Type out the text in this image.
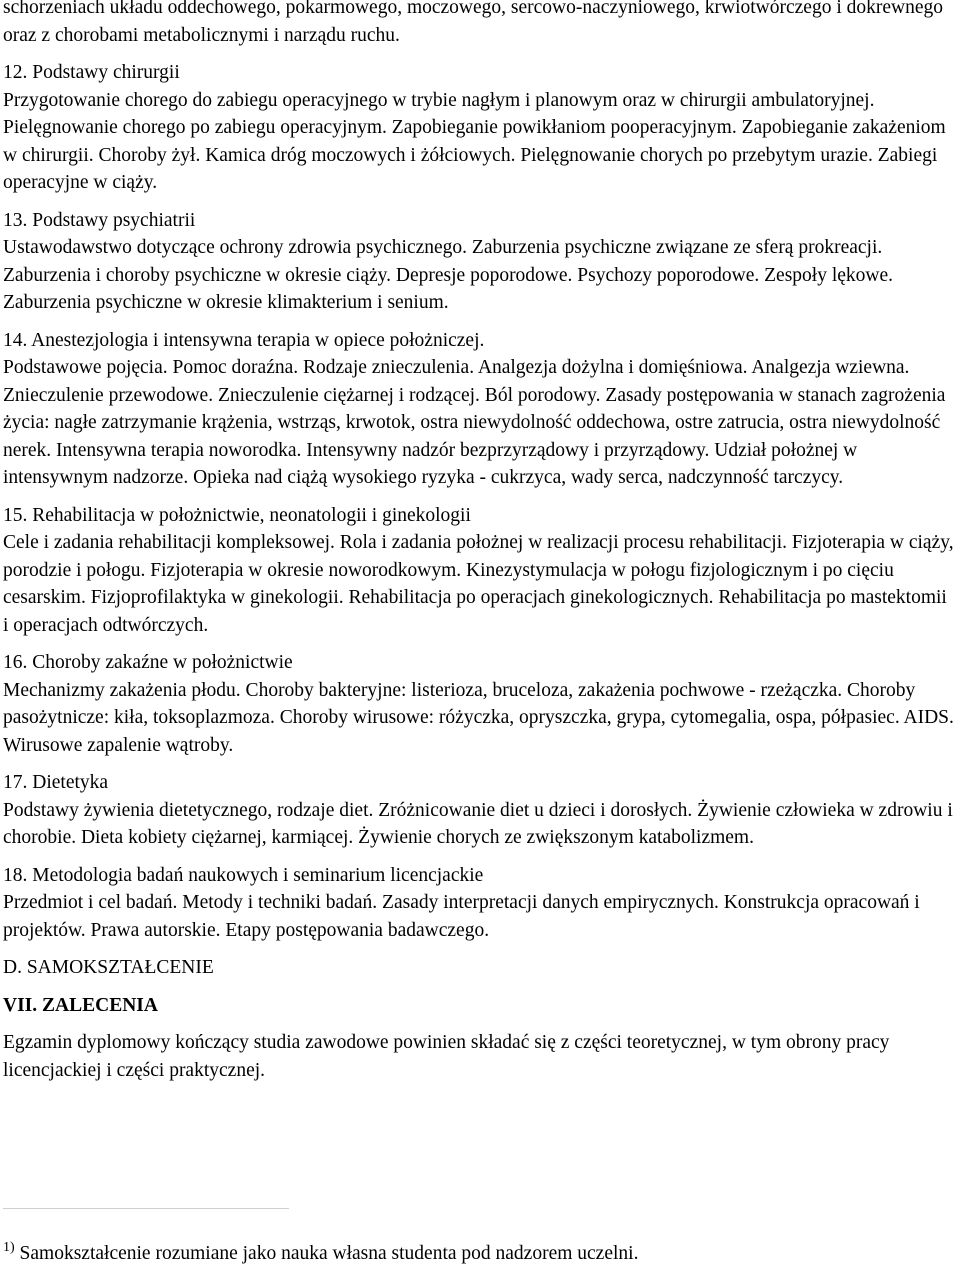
schorzeniach układu oddechowego, pokarmowego, moczowego, sercowo-naczyniowego, krwiotwórczego i dokrewnego oraz z chorobami metabolicznymi i narządu ruchu.

12. Podstawy chirurgii
Przygotowanie chorego do zabiegu operacyjnego w trybie nagłym i planowym oraz w chirurgii ambulatoryjnej. Pielęgnowanie chorego po zabiegu operacyjnym. Zapobieganie powikłaniom pooperacyjnym. Zapobieganie zakażeniom w chirurgii. Choroby żył. Kamica dróg moczowych i żółciowych. Pielęgnowanie chorych po przebytym urazie. Zabiegi operacyjne w ciąży.

13. Podstawy psychiatrii
Ustawodawstwo dotyczące ochrony zdrowia psychicznego. Zaburzenia psychiczne związane ze sferą prokreacji. Zaburzenia i choroby psychiczne w okresie ciąży. Depresje poporodowe. Psychozy poporodowe. Zespoły lękowe. Zaburzenia psychiczne w okresie klimakterium i senium.

14. Anestezjologia i intensywna terapia w opiece położniczej.
Podstawowe pojęcia. Pomoc doraźna. Rodzaje znieczulenia. Analgezja dożylna i domięśniowa. Analgezja wziewna. Znieczulenie przewodowe. Znieczulenie ciężarnej i rodzącej. Ból porodowy. Zasady postępowania w stanach zagrożenia życia: nagłe zatrzymanie krążenia, wstrząs, krwotok, ostra niewydolność oddechowa, ostre zatrucia, ostra niewydolność nerek. Intensywna terapia noworodka. Intensywny nadzór bezprzyrządowy i przyrządowy. Udział położnej w intensywnym nadzorze. Opieka nad ciążą wysokiego ryzyka - cukrzyca, wady serca, nadczynność tarczycy.

15. Rehabilitacja w położnictwie, neonatologii i ginekologii
Cele i zadania rehabilitacji kompleksowej. Rola i zadania położnej w realizacji procesu rehabilitacji. Fizjoterapia w ciąży, porodzie i połogu. Fizjoterapia w okresie noworodkowym. Kinezystymulacja w połogu fizjologicznym i po cięciu cesarskim. Fizjoprofilaktyka w ginekologii. Rehabilitacja po operacjach ginekologicznych. Rehabilitacja po mastektomii i operacjach odtwórczych.

16. Choroby zakaźne w położnictwie
Mechanizmy zakażenia płodu. Choroby bakteryjne: listerioza, bruceloza, zakażenia pochwowe - rzeżączka. Choroby pasożytnicze: kiła, toksoplazmoza. Choroby wirusowe: różyczka, opryszczka, grypa, cytomegalia, ospa, półpasiec. AIDS. Wirusowe zapalenie wątroby.

17. Dietetyka
Podstawy żywienia dietetycznego, rodzaje diet. Zróżnicowanie diet u dzieci i dorosłych. Żywienie człowieka w zdrowiu i chorobie. Dieta kobiety ciężarnej, karmiącej. Żywienie chorych ze zwiększonym katabolizmem.

18. Metodologia badań naukowych i seminarium licencjackie
Przedmiot i cel badań. Metody i techniki badań. Zasady interpretacji danych empirycznych. Konstrukcja opracowań i projektów. Prawa autorskie. Etapy postępowania badawczego.

D. SAMOKSZTAŁCENIE

VII. ZALECENIA

Egzamin dyplomowy kończący studia zawodowe powinien składać się z części teoretycznej, w tym obrony pracy licencjackiej i części praktycznej.

$^{1)}$ Samokształcenie rozumiane jako nauka własna studenta pod nadzorem uczelni.
